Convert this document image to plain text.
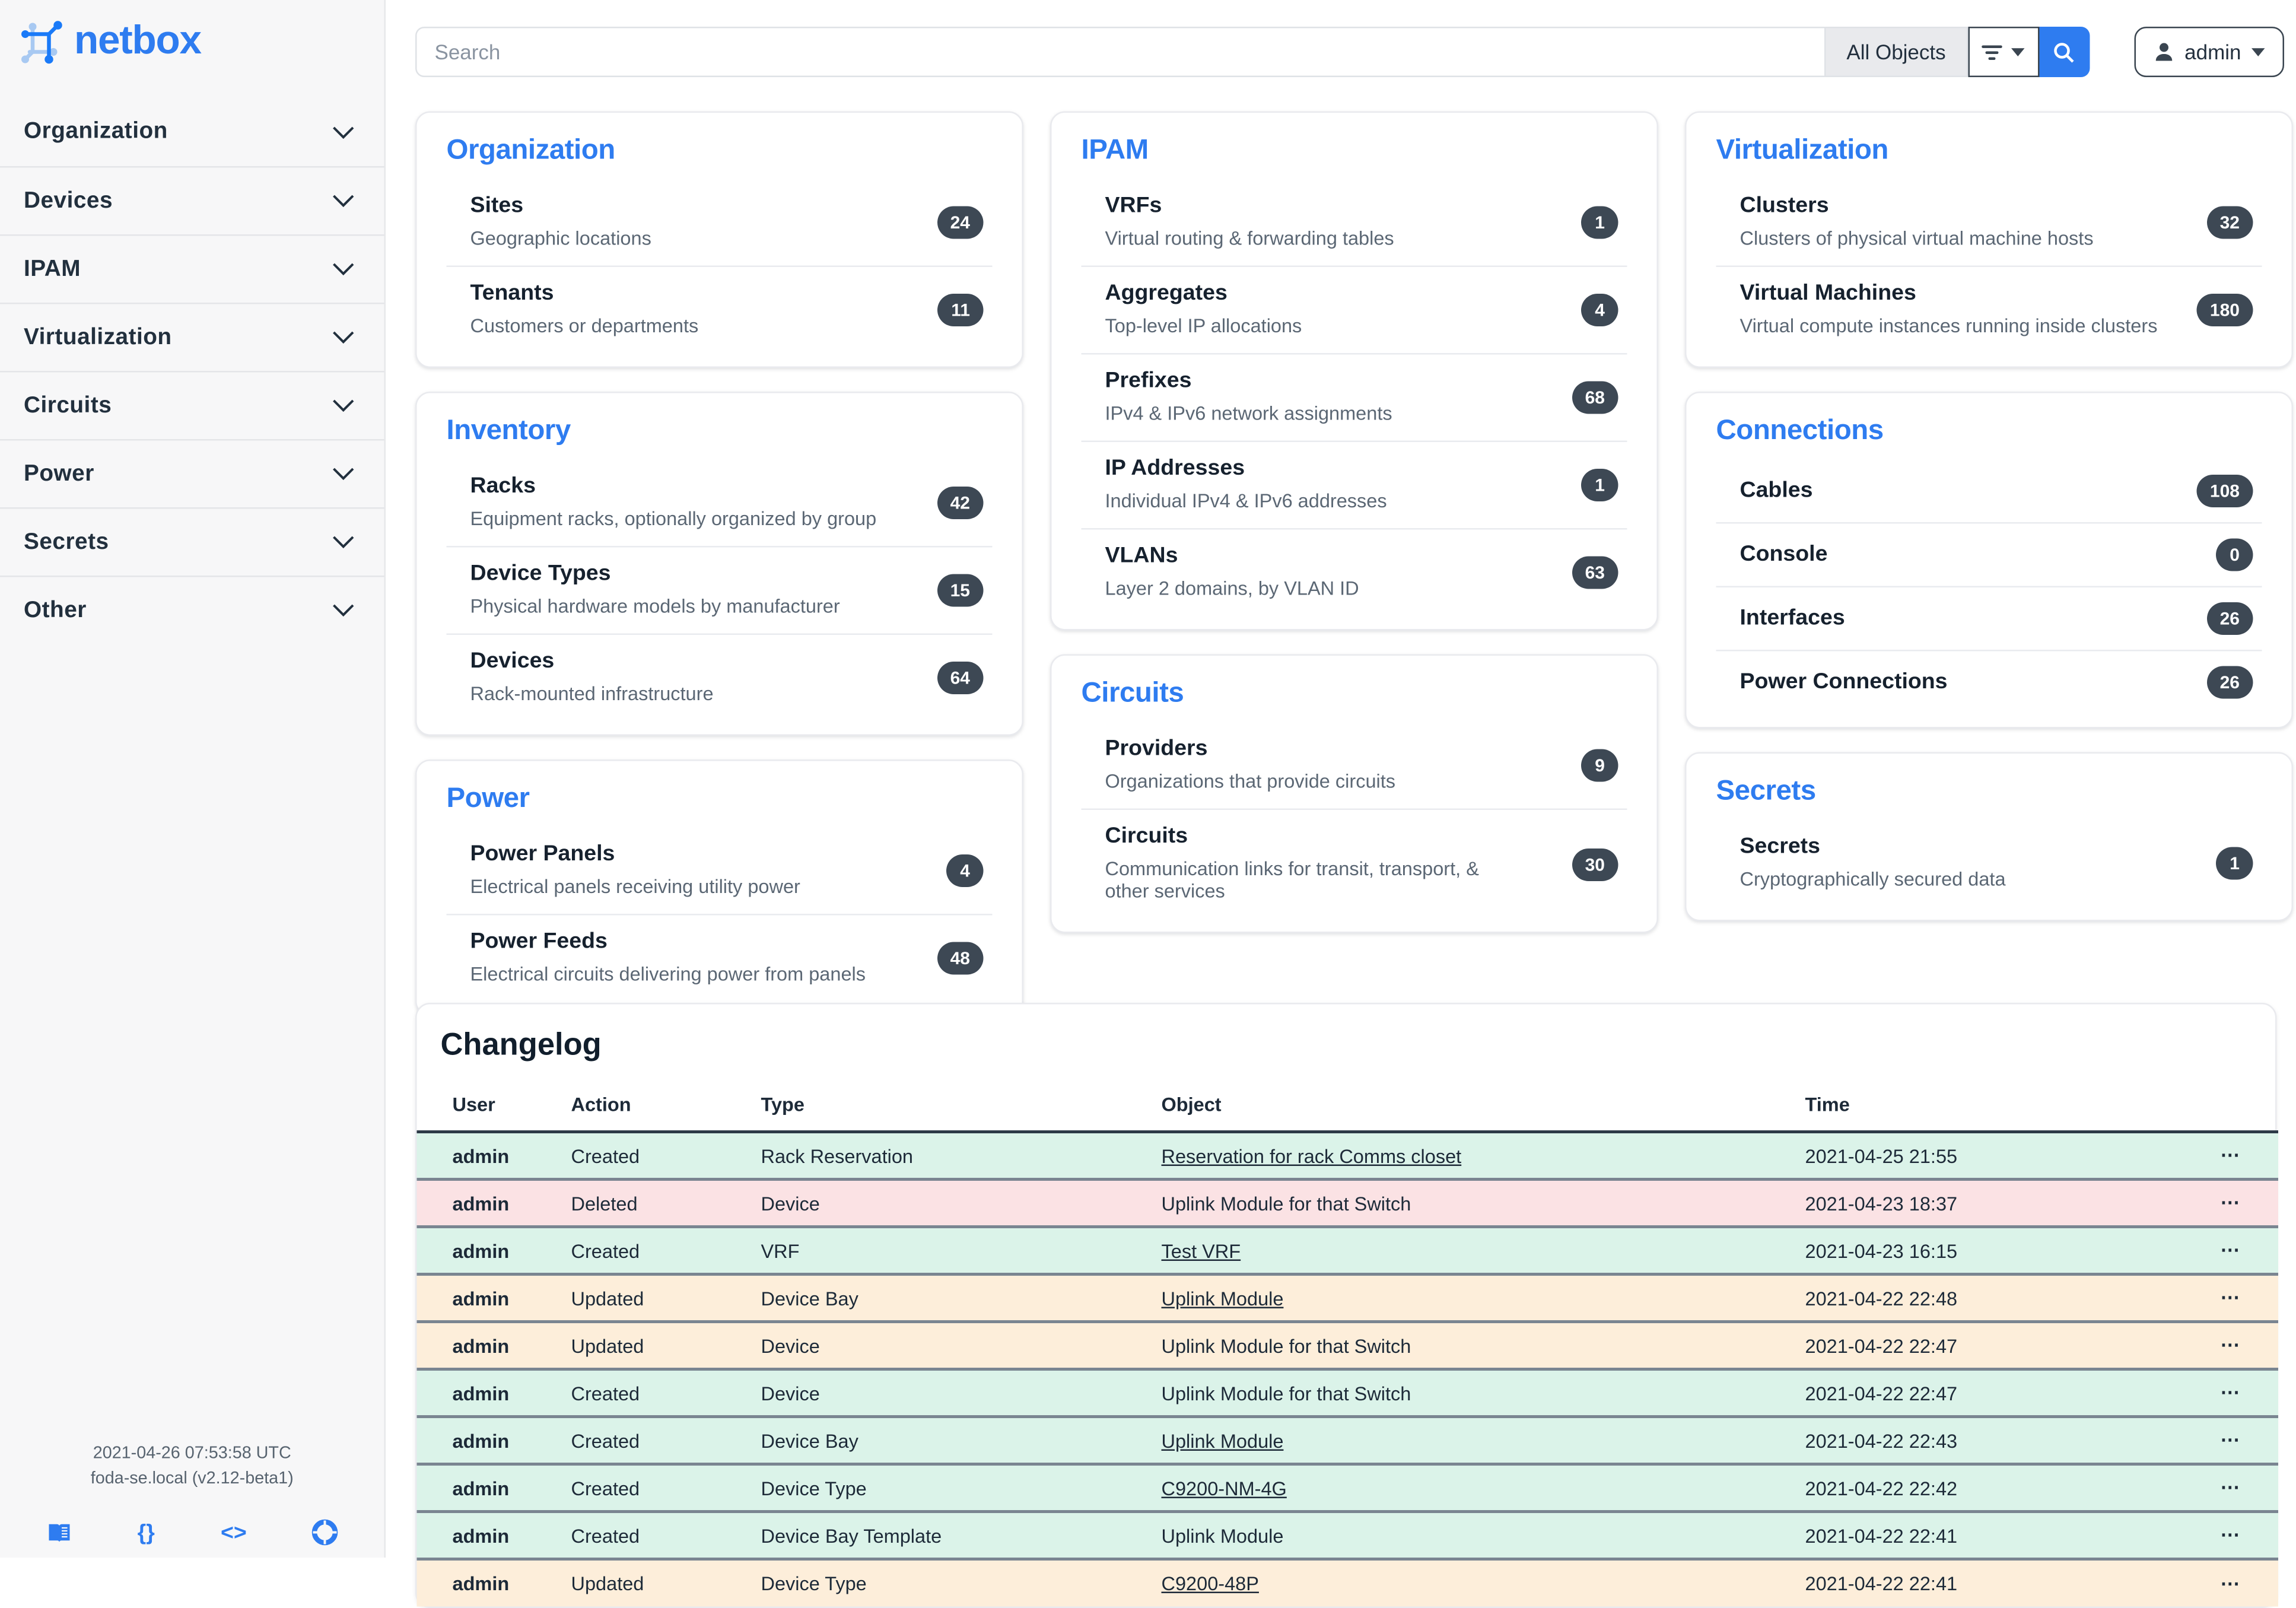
netbox
Organization
Devices
IPAM
Virtualization
Circuits
Power
Secrets
Other
2021-04-26 07:53:58 UTC
foda-se.local (v2.12-beta1)
{}	<>
Search
All Objects	admin
Organization
Sites
Geographic locations
24
Tenants
Customers or departments
11
Inventory
Racks
Equipment racks, optionally organized by group
42
Device Types
Physical hardware models by manufacturer
15
Devices
Rack-mounted infrastructure
64
Power
Power Panels
Electrical panels receiving utility power
4
Power Feeds
Electrical circuits delivering power from panels
48
IPAM
VRFs
Virtual routing & forwarding tables
1
Aggregates
Top-level IP allocations
4
Prefixes
IPv4 & IPv6 network assignments
68
IP Addresses
Individual IPv4 & IPv6 addresses
1
VLANs
Layer 2 domains, by VLAN ID
63
Circuits
Providers
Organizations that provide circuits
9
Circuits
Communication links for transit, transport, & other services
30
Virtualization
Clusters
Clusters of physical virtual machine hosts
32
Virtual Machines
Virtual compute instances running inside clusters
180
Connections
Cables	108
Console	0
Interfaces	26
Power Connections	26
Secrets
Secrets
Cryptographically secured data
1
Changelog
User	Action	Type	Object	Time	
admin	Created	Rack Reservation	Reservation for rack Comms closet	2021-04-25 21:55	⋯
admin	Deleted	Device	Uplink Module for that Switch	2021-04-23 18:37	⋯
admin	Created	VRF	Test VRF	2021-04-23 16:15	⋯
admin	Updated	Device Bay	Uplink Module	2021-04-22 22:48	⋯
admin	Updated	Device	Uplink Module for that Switch	2021-04-22 22:47	⋯
admin	Created	Device	Uplink Module for that Switch	2021-04-22 22:47	⋯
admin	Created	Device Bay	Uplink Module	2021-04-22 22:43	⋯
admin	Created	Device Type	C9200-NM-4G	2021-04-22 22:42	⋯
admin	Created	Device Bay Template	Uplink Module	2021-04-22 22:41	⋯
admin	Updated	Device Type	C9200-48P	2021-04-22 22:41	⋯
